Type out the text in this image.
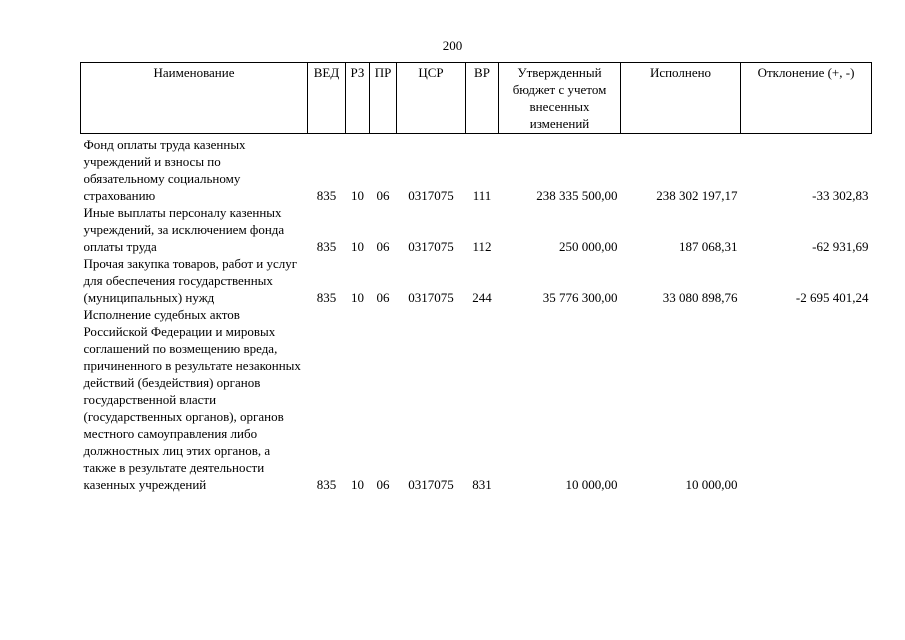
200
Наименование	ВЕД	РЗ	ПР	ЦСР	ВР	Утвержденный бюджет с учетом внесенных изменений	Исполнено	Отклонение (+, -)
Фонд оплаты труда казенных учреждений и взносы по обязательному социальному страхованию	835	10	06	0317075	111	238 335 500,00	238 302 197,17	-33 302,83
Иные выплаты персоналу казенных учреждений, за исключением фонда оплаты труда	835	10	06	0317075	112	250 000,00	187 068,31	-62 931,69
Прочая закупка товаров, работ и услуг для обеспечения государственных (муниципальных) нужд	835	10	06	0317075	244	35 776 300,00	33 080 898,76	-2 695 401,24
Исполнение судебных актов Российской Федерации и мировых соглашений по возмещению вреда, причиненного в результате незаконных действий (бездействия) органов государственной власти (государственных органов), органов местного самоуправления либо должностных лиц этих органов, а также в результате деятельности казенных учреждений	835	10	06	0317075	831	10 000,00	10 000,00	
